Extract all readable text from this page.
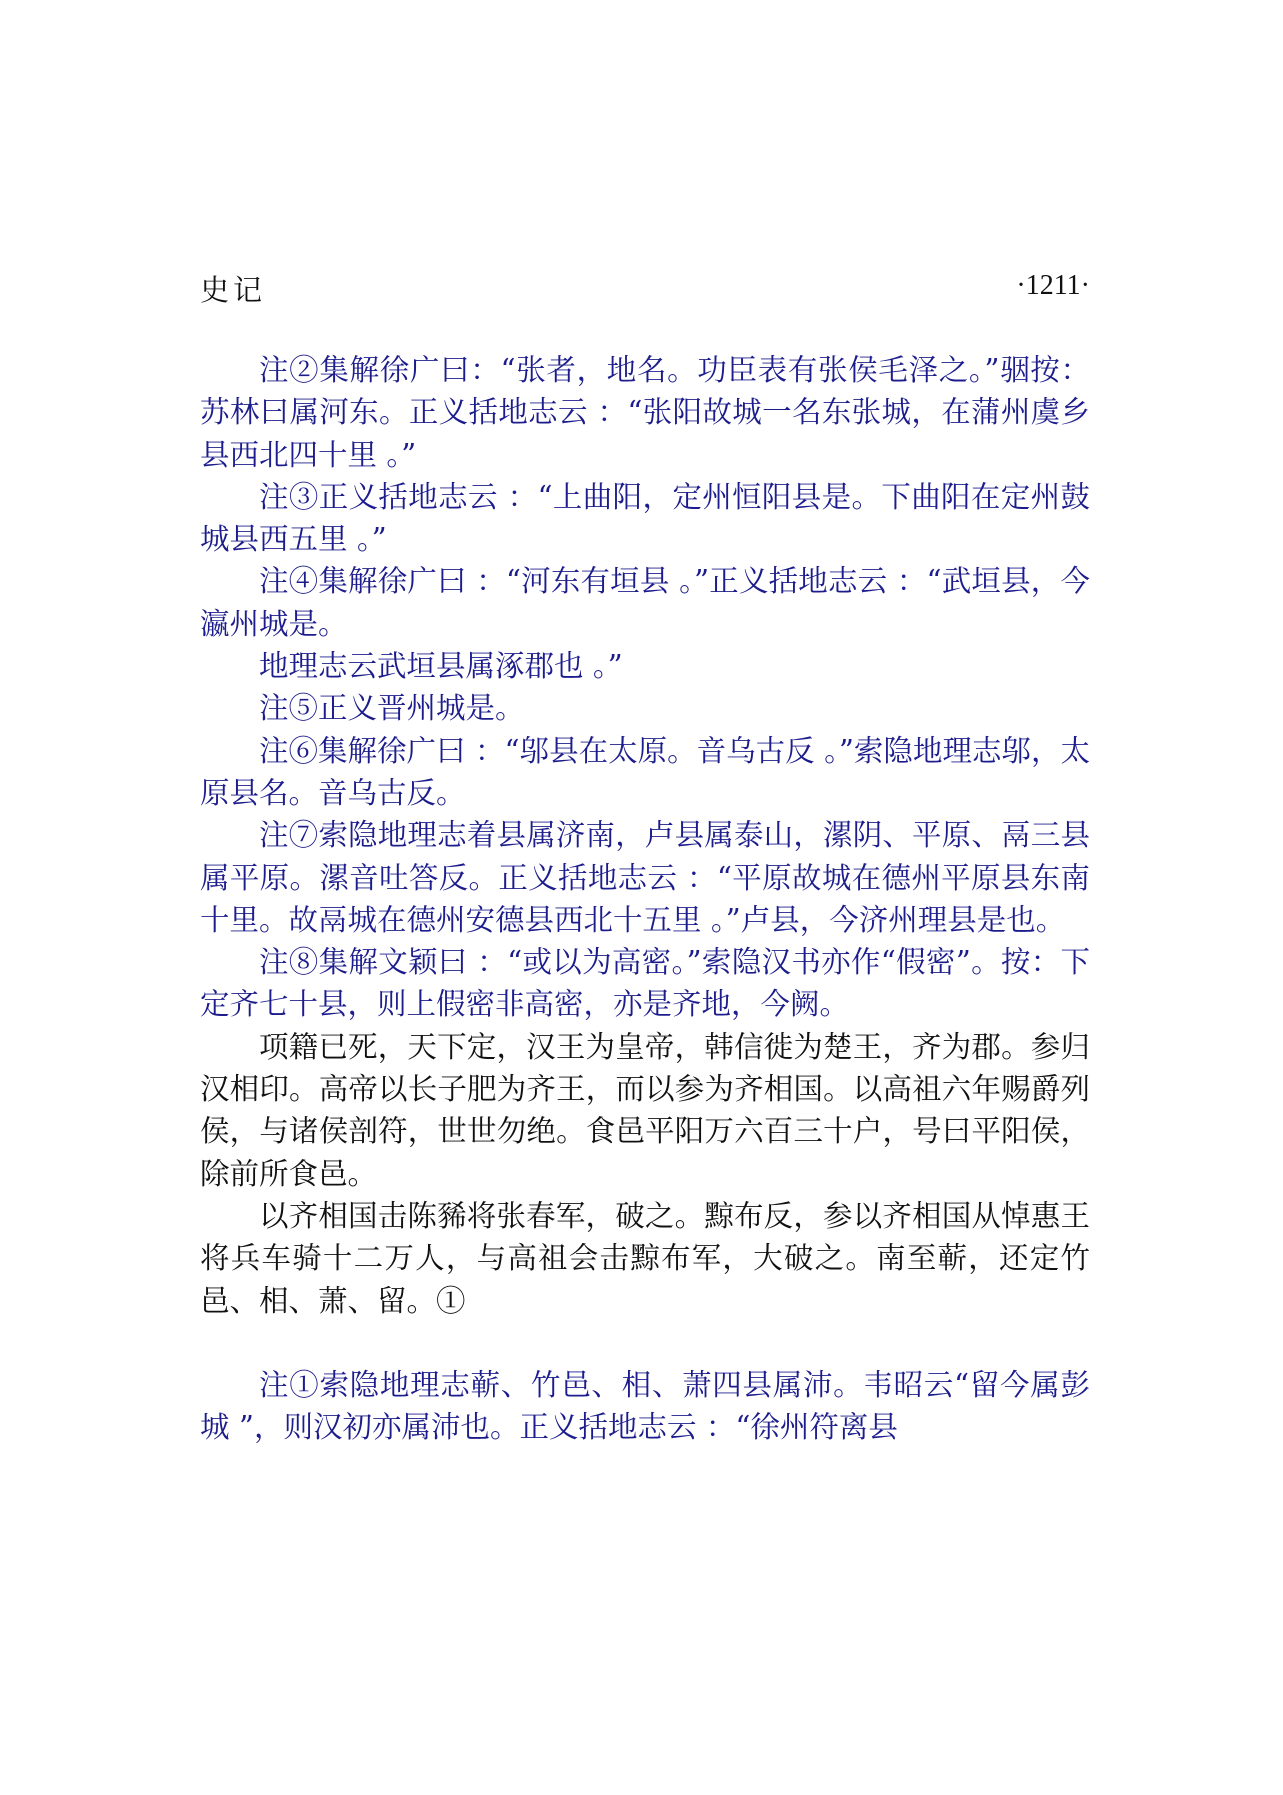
史记	·1211·

注②集解徐广曰：“张者，地名。功臣表有张侯毛泽之。”骃按：苏林曰属河东。正义括地志云 ：“张阳故城一名东张城，在蒲州虞乡县西北四十里 。”

注③正义括地志云 ：“上曲阳，定州恒阳县是。下曲阳在定州鼓城县西五里 。”

注④集解徐广曰 ：“河东有垣县 。”正义括地志云 ：“武垣县，今瀛州城是。

地理志云武垣县属涿郡也 。”

注⑤正义晋州城是。

注⑥集解徐广曰 ：“邬县在太原。音乌古反 。”索隐地理志邬，太原县名。音乌古反。

注⑦索隐地理志着县属济南，卢县属泰山，漯阴、平原、鬲三县属平原。漯音吐答反。正义括地志云 ：“平原故城在德州平原县东南十里。故鬲城在德州安德县西北十五里 。”卢县，今济州理县是也。

注⑧集解文颖曰 ：“或以为高密。”索隐汉书亦作“假密”。按：下定齐七十县，则上假密非高密，亦是齐地，今阙。

项籍已死，天下定，汉王为皇帝，韩信徙为楚王，齐为郡。参归汉相印。高帝以长子肥为齐王，而以参为齐相国。以高祖六年赐爵列侯，与诸侯剖符，世世勿绝。食邑平阳万六百三十户，号曰平阳侯，除前所食邑。

以齐相国击陈豨将张春军，破之。黥布反，参以齐相国从悼惠王将兵车骑十二万人，与高祖会击黥布军，大破之。南至蕲，还定竹邑、相、萧、留。①

注①索隐地理志蕲、竹邑、相、萧四县属沛。韦昭云“留今属彭城 ”，则汉初亦属沛也。正义括地志云 ：“徐州符离县
